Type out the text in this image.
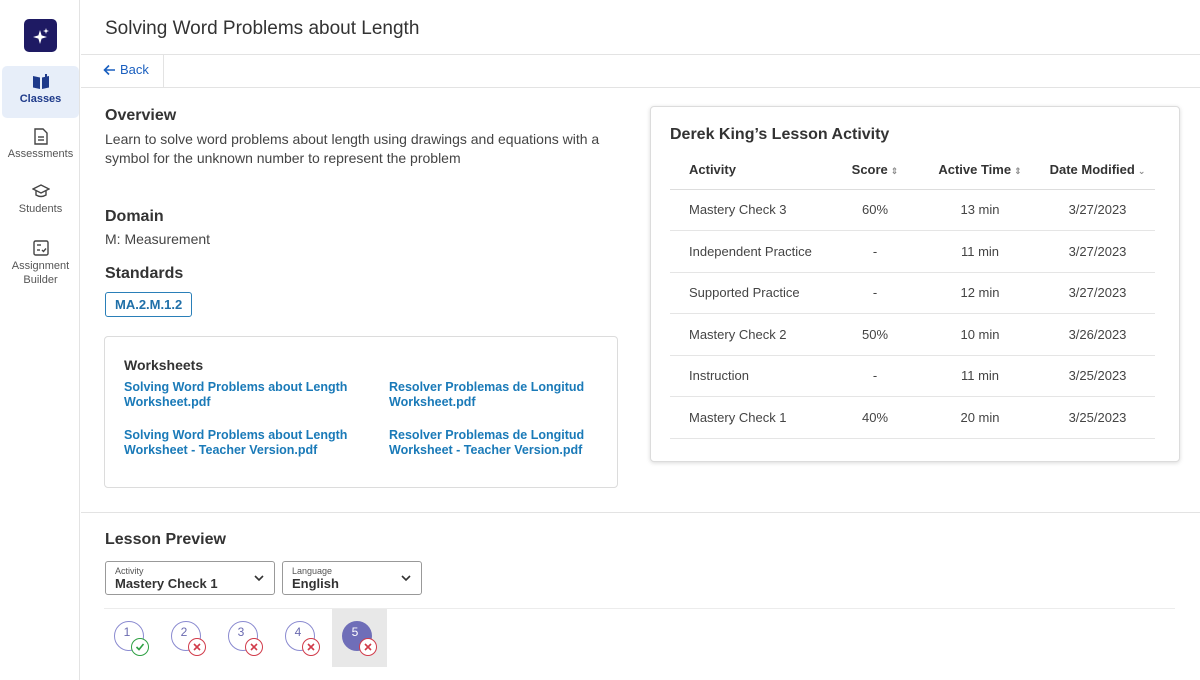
Classes
Assessments
Students
Assignment Builder
Solving Word Problems about Length
Back
Overview
Learn to solve word problems about length using drawings and equations with a symbol for the unknown number to represent the problem
Domain
M: Measurement
Standards
MA.2.M.1.2
Worksheets
Solving Word Problems about Length Worksheet.pdf
Resolver Problemas de Longitud Worksheet.pdf
Solving Word Problems about Length Worksheet - Teacher Version.pdf
Resolver Problemas de Longitud Worksheet - Teacher Version.pdf
Derek King’s Lesson Activity
Activity	Score ⇕	Active Time ⇕	Date Modified ⌄
Mastery Check 3	60%	13 min	3/27/2023
Independent Practice	-	11 min	3/27/2023
Supported Practice	-	12 min	3/27/2023
Mastery Check 2	50%	10 min	3/26/2023
Instruction	-	11 min	3/25/2023
Mastery Check 1	40%	20 min	3/25/2023
Lesson Preview
Activity
Mastery Check 1
Language
English
1	2	3	4	5
